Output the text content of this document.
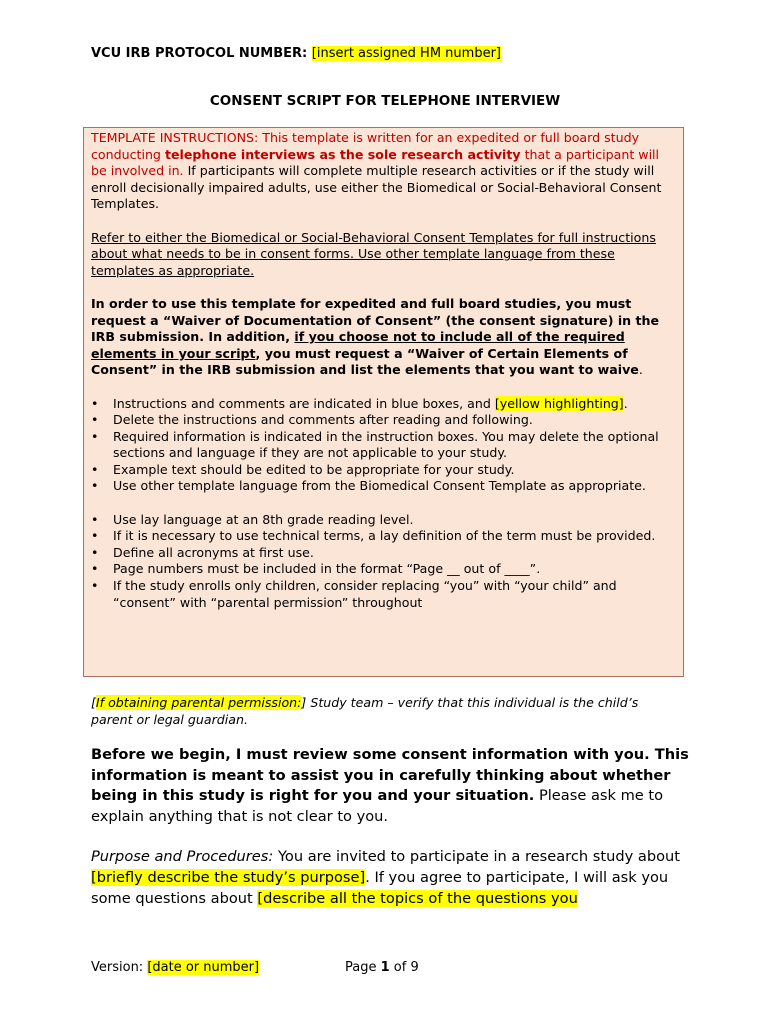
VCU IRB PROTOCOL NUMBER: [insert assigned HM number]
CONSENT SCRIPT FOR TELEPHONE INTERVIEW

TEMPLATE INSTRUCTIONS: This template is written for an expedited or full board study conducting telephone interviews as the sole research activity that a participant will be involved in. If participants will complete multiple research activities or if the study will enroll decisionally impaired adults, use either the Biomedical or Social-Behavioral Consent Templates.

Refer to either the Biomedical or Social-Behavioral Consent Templates for full instructions about what needs to be in consent forms. Use other template language from these templates as appropriate.

In order to use this template for expedited and full board studies, you must request a “Waiver of Documentation of Consent” (the consent signature) in the IRB submission. In addition, if you choose not to include all of the required elements in your script, you must request a “Waiver of Certain Elements of Consent” in the IRB submission and list the elements that you want to waive.

• Instructions and comments are indicated in blue boxes, and [yellow highlighting].
• Delete the instructions and comments after reading and following.
• Required information is indicated in the instruction boxes. You may delete the optional sections and language if they are not applicable to your study.
• Example text should be edited to be appropriate for your study.
• Use other template language from the Biomedical Consent Template as appropriate.
• Use lay language at an 8th grade reading level.
• If it is necessary to use technical terms, a lay definition of the term must be provided.
• Define all acronyms at first use.
• Page numbers must be included in the format “Page __ out of ____”.
• If the study enrolls only children, consider replacing “you” with “your child” and “consent” with “parental permission” throughout
[If obtaining parental permission:] Study team – verify that this individual is the child’s parent or legal guardian.

Before we begin, I must review some consent information with you. This information is meant to assist you in carefully thinking about whether being in this study is right for you and your situation. Please ask me to explain anything that is not clear to you.

Purpose and Procedures: You are invited to participate in a research study about [briefly describe the study’s purpose]. If you agree to participate, I will ask you some questions about [describe all the topics of the questions you

Version: [date or number]	Page 1 of 9
